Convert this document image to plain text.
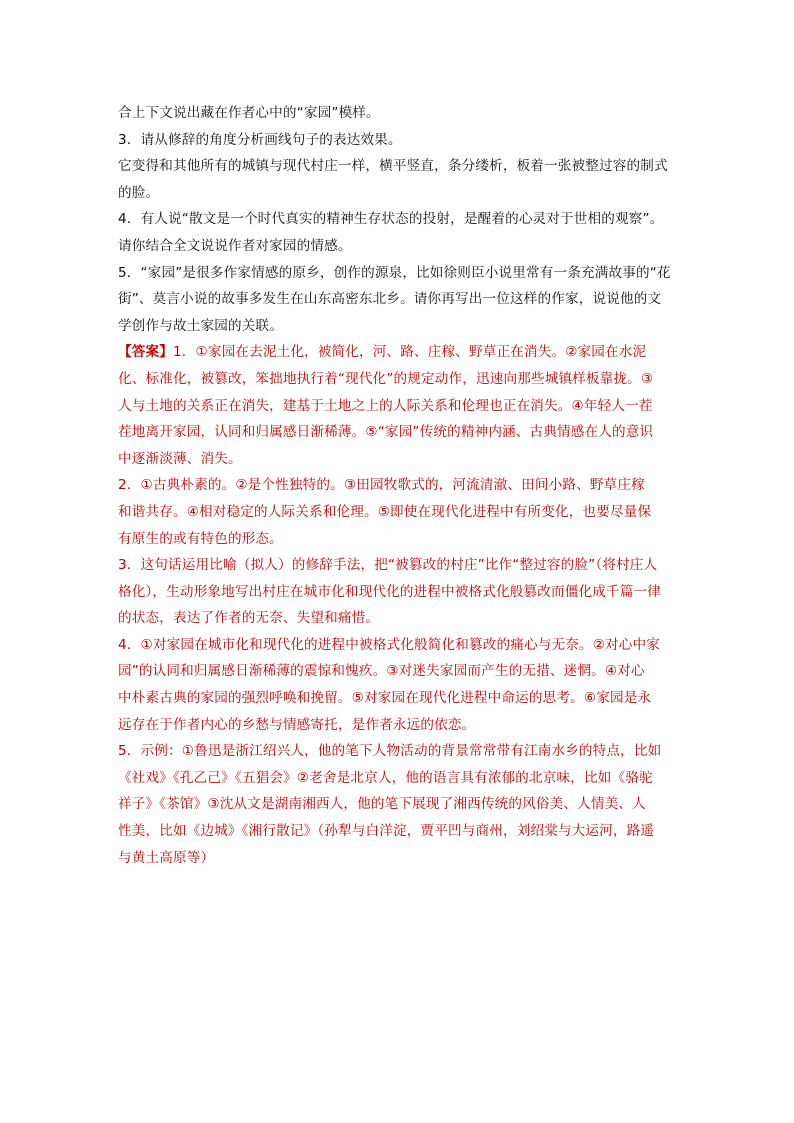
合上下文说出藏在作者心中的“家园”模样。
3．请从修辞的角度分析画线句子的表达效果。
它变得和其他所有的城镇与现代村庄一样，横平竖直，条分缕析，板着一张被整过容的制式
的脸。
4．有人说“散文是一个时代真实的精神生存状态的投射，是醒着的心灵对于世相的观察”。
请你结合全文说说作者对家园的情感。
5．“家园”是很多作家情感的原乡，创作的源泉，比如徐则臣小说里常有一条充满故事的“花
街”、莫言小说的故事多发生在山东高密东北乡。请你再写出一位这样的作家，说说他的文
学创作与故土家园的关联。
【答案】1．①家园在去泥土化，被简化，河、路、庄稼、野草正在消失。②家园在水泥
化、标准化，被篡改，笨拙地执行着“现代化”的规定动作，迅速向那些城镇样板靠拢。③
人与土地的关系正在消失，建基于土地之上的人际关系和伦理也正在消失。④年轻人一茬
茬地离开家园，认同和归属感日渐稀薄。⑤“家园”传统的精神内涵、古典情感在人的意识
中逐渐淡薄、消失。
2．①古典朴素的。②是个性独特的。③田园牧歌式的，河流清澈、田间小路、野草庄稼
和谐共存。④相对稳定的人际关系和伦理。⑤即使在现代化进程中有所变化，也要尽量保
有原生的或有特色的形态。
3．这句话运用比喻（拟人）的修辞手法，把“被篡改的村庄”比作“整过容的脸”（将村庄人
格化），生动形象地写出村庄在城市化和现代化的进程中被格式化般篡改而僵化成千篇一律
的状态，表达了作者的无奈、失望和痛惜。
4．①对家园在城市化和现代化的进程中被格式化般简化和篡改的痛心与无奈。②对心中家
园”的认同和归属感日渐稀薄的震惊和愧疚。③对迷失家园而产生的无措、迷惘。④对心
中朴素古典的家园的强烈呼唤和挽留。⑤对家园在现代化进程中命运的思考。⑥家园是永
远存在于作者内心的乡愁与情感寄托，是作者永远的依恋。
5．示例：①鲁迅是浙江绍兴人，他的笔下人物活动的背景常常带有江南水乡的特点，比如
《社戏》《孔乙己》《五猖会》②老舍是北京人，他的语言具有浓郁的北京味，比如《骆驼
祥子》《茶馆》③沈从文是湖南湘西人，他的笔下展现了湘西传统的风俗美、人情美、人
性美，比如《边城》《湘行散记》（孙犁与白洋淀，贾平凹与商州，刘绍棠与大运河，路遥
与黄土高原等）
